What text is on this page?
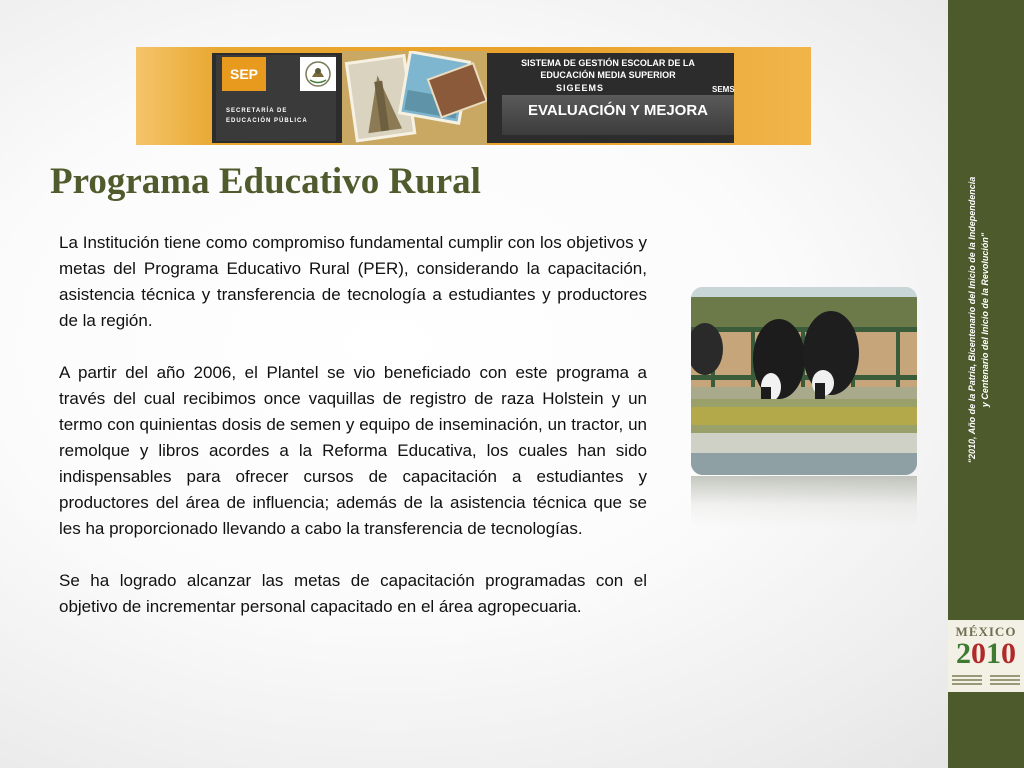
SEP
SECRETARÍA DE
EDUCACIÓN PÚBLICA
SISTEMA DE GESTIÓN ESCOLAR DE LA
EDUCACIÓN MEDIA SUPERIOR
SIGEEMS	SEMS
EVALUACIÓN Y MEJORA
Programa Educativo Rural

La Institución tiene como compromiso fundamental cumplir con los objetivos y metas del Programa Educativo Rural (PER), considerando la capacitación, asistencia técnica y transferencia de tecnología a estudiantes y productores de la región.

A partir del año 2006, el Plantel se vio beneficiado con este programa a través del cual recibimos once vaquillas de registro de raza Holstein y un termo con quinientas dosis de semen y equipo de inseminación, un tractor, un remolque y libros acordes a la Reforma Educativa, los cuales han sido indispensables para ofrecer cursos de capacitación a estudiantes y productores del área de influencia; además de la asistencia técnica que se les ha proporcionado llevando a cabo la transferencia de tecnologías.

Se ha logrado alcanzar las metas de capacitación programadas con el objetivo de incrementar personal capacitado en el área agropecuaria.

"2010, Año de la Patria, Bicentenario del Inicio de la Independencia y Centenario del Inicio de la Revolución"
MÉXICO
2010
